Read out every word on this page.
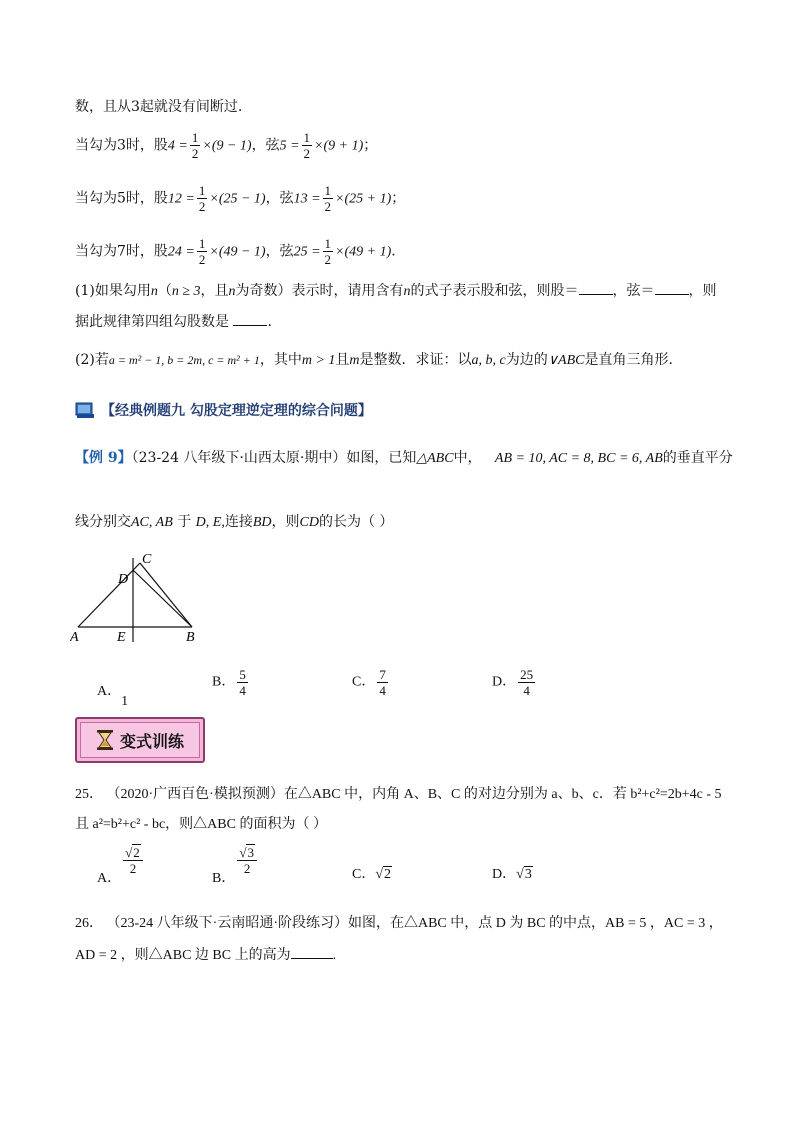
数，且从3起就没有间断过.
当勾为3时，股$4 = \frac{1}{2} \times(9 - 1)$，弦$5 = \frac{1}{2} \times(9 + 1)$；
当勾为5时，股$12 = \frac{1}{2} \times(25 - 1)$，弦$13 = \frac{1}{2} \times(25 + 1)$；
当勾为7时，股$24 = \frac{1}{2} \times(49 - 1)$，弦$25 = \frac{1}{2} \times(49 + 1)$.
(1)如果勾用n（n ≥ 3，且n为奇数）表示时，请用含有n的式子表示股和弦，则股＝ ，弦＝ ，则
据此规律第四组勾股数是	.
(2)若a = m² − 1, b = 2m, c = m² + 1，其中m > 1且m是整数．求证：以a, b, c为边的∨ABC是直角三角形.
【经典例题九 勾股定理逆定理的综合问题】
【例 9】（23-24 八年级下·山西太原·期中）如图，已知△ABC中， AB = 10, AC = 8, BC = 6, AB的垂直平分
线分别交AC, AB 于 D, E,连接BD，则CD的长为（ ）
C
D
A	E	B
A．1
B． $\frac{5}{4}$	C． $\frac{7}{4}$	D． $\frac{25}{4}$
变式训练
25． （2020·广西百色·模拟预测）在△ABC 中，内角 A、B、C 的对边分别为 a、b、c．若 b²+c²=2b+4c - 5
且 a²=b²+c² - bc，则△ABC 的面积为（ ）
A．
$\frac{√2}{2}$
B．
$\frac{√3}{2}$	C．√2	D．√3
26． （23-24 八年级下·云南昭通·阶段练习）如图，在△ABC 中，点 D 为 BC 的中点，AB = 5 ，AC = 3 ，
AD = 2 ，则△ABC 边 BC 上的高为	.
